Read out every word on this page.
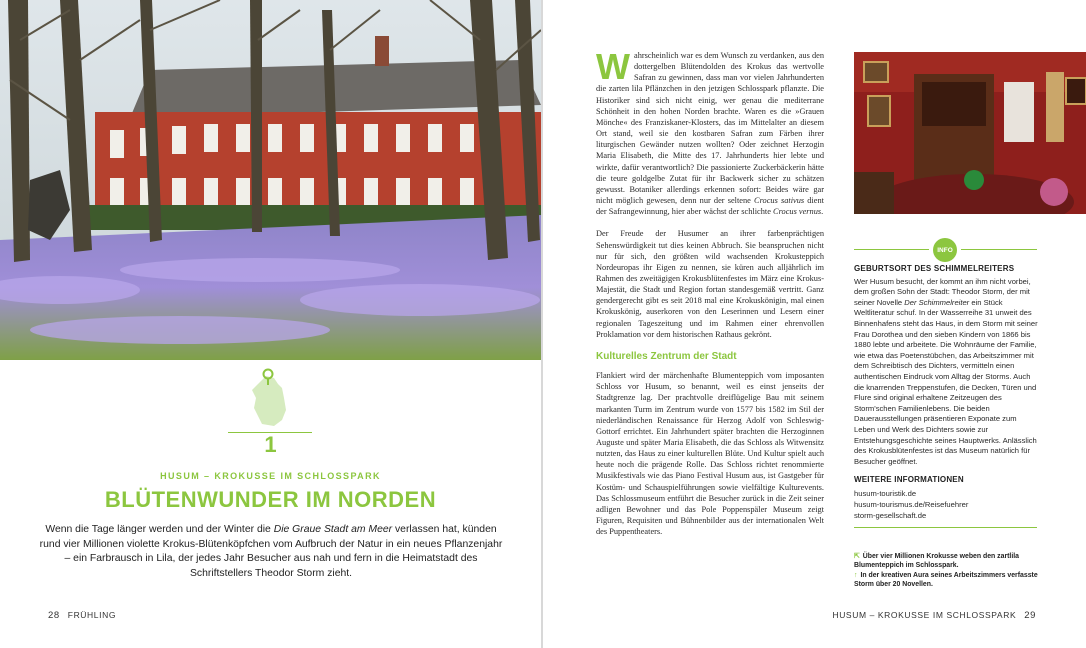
1
HUSUM – KROKUSSE IM SCHLOSSPARK
BLÜTENWUNDER IM NORDEN
Wenn die Tage länger werden und der Winter die Die Graue Stadt am Meer verlassen hat, künden rund vier Millionen violette Krokus-Blütenköpfchen vom Aufbruch der Natur in ein neues Pflanzenjahr – ein Farbrausch in Lila, der jedes Jahr Besucher aus nah und fern in die Heimatstadt des Schriftstellers Theodor Storm zieht.
28 FRÜHLING

Wahrscheinlich war es dem Wunsch zu verdanken, aus den dottergelben Blütendolden des Krokus das wertvolle Safran zu gewinnen, dass man vor vielen Jahrhunderten die zarten lila Pflänzchen in den jetzigen Schlosspark pflanzte. Die Historiker sind sich nicht einig, wer genau die mediterrane Schönheit in den hohen Norden brachte. Waren es die »Grauen Mönche« des Franziskaner-Klosters, das im Mittelalter an diesem Ort stand, weil sie den kostbaren Safran zum Färben ihrer liturgischen Gewänder nutzen wollten? Oder zeichnet Herzogin Maria Elisabeth, die Mitte des 17. Jahrhunderts hier lebte und wirkte, dafür verantwortlich? Die passionierte Zuckerbäckerin hätte die teure goldgelbe Zutat für ihr Backwerk sicher zu schätzen gewusst. Botaniker allerdings erkennen sofort: Beides wäre gar nicht möglich gewesen, denn nur der seltene Crocus sativus dient der Safrangewinnung, hier aber wächst der schlichte Crocus vernus.

Der Freude der Husumer an ihrer farbenprächtigen Sehenswürdigkeit tut dies keinen Abbruch. Sie beanspruchen nicht nur für sich, den größten wild wachsenden Krokusteppich Nordeuropas ihr Eigen zu nennen, sie küren auch alljährlich im Rahmen des zweitägigen Krokusblütenfestes im März eine Krokus-Majestät, die Stadt und Region fortan standesgemäß vertritt. Ganz gendergerecht gibt es seit 2018 mal eine Krokuskönigin, mal einen Krokuskönig, auserkoren von den Leserinnen und Lesern einer regionalen Tageszeitung und im Rahmen einer ehrenvollen Proklamation vor dem historischen Rathaus gekrönt.

Kulturelles Zentrum der Stadt

Flankiert wird der märchenhafte Blumenteppich vom imposanten Schloss vor Husum, so benannt, weil es einst jenseits der Stadtgrenze lag. Der prachtvolle dreiflügelige Bau mit seinem markanten Turm im Zentrum wurde von 1577 bis 1582 im Stil der niederländischen Renaissance für Herzog Adolf von Schleswig-Gottorf errichtet. Ein Jahrhundert später brachten die Herzoginnen Auguste und später Maria Elisabeth, die das Schloss als Witwensitz nutzten, das Haus zu einer kulturellen Blüte. Und Kultur spielt auch heute noch die prägende Rolle. Das Schloss richtet renommierte Musikfestivals wie das Piano Festival Husum aus, ist Gastgeber für Kostüm- und Schauspielführungen sowie vielfältige Kulturevents. Das Schlossmuseum entführt die Besucher zurück in die Zeit seiner adligen Bewohner und das Pole Poppenspäler Museum zeigt Figuren, Requisiten und Bühnenbilder aus der internationalen Welt des Puppentheaters.

INFO
GEBURTSORT DES SCHIMMELREITERS

Wer Husum besucht, der kommt an ihm nicht vorbei, dem großen Sohn der Stadt: Theodor Storm, der mit seiner Novelle Der Schimmelreiter ein Stück Weltliteratur schuf. In der Wasserreihe 31 unweit des Binnenhafens steht das Haus, in dem Storm mit seiner Frau Dorothea und den sieben Kindern von 1866 bis 1880 lebte und arbeitete. Die Wohnräume der Familie, wie etwa das Poetenstübchen, das Arbeitszimmer mit dem Schreibtisch des Dichters, vermitteln einen authentischen Eindruck vom Alltag der Storms. Auch die knarrenden Treppenstufen, die Decken, Türen und Flure sind original erhaltene Zeitzeugen des Storm'schen Familienlebens. Die beiden Dauerausstellungen präsentieren Exponate zum Leben und Werk des Dichters sowie zur Entstehungsgeschichte seines Hauptwerks. Anlässlich des Krokusblütenfestes ist das Museum natürlich für Besucher geöffnet.

WEITERE INFORMATIONEN
husum-touristik.de
husum-tourismus.de/Reisefuehrer
storm-gesellschaft.de
⇱ Über vier Millionen Krokusse weben den zartlila Blumenteppich im Schlosspark.
↑ In der kreativen Aura seines Arbeitszimmers verfasste Storm über 20 Novellen.
HUSUM – KROKUSSE IM SCHLOSSPARK 29
